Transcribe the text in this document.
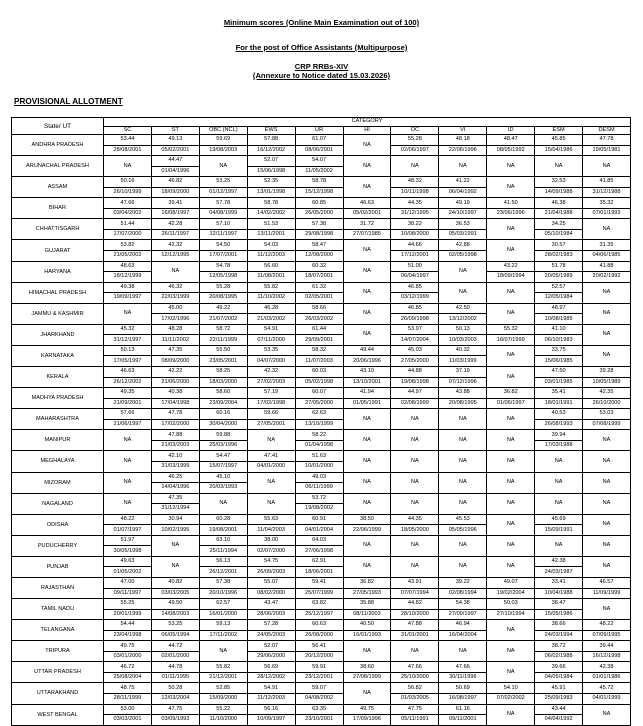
Minimum scores (Online Main Examination out of 100)
For the post of Office Assistants (Multipurpose)
CRP RRBs-XIV
(Annexure to Notice dated 15.03.2026)
PROVISIONAL ALLOTMENT
State/ UT	CATEGORY										
	SC	ST	OBC (NCL)	EWS	UR	HI	OC	VI	ID	ESM	DESM
ANDHRA PRADESH	53.44	49.13	59.69	57.88	61.07	NA	55.28	48.18	48.47	45.85	47.78
	28/08/2001	05/02/2001	19/08/2003	16/12/2002	08/06/2001		02/06/1997	22/06/1996	08/05/1992	15/04/1986	19/05/1981
ARUNACHAL PRADESH	NA	44.47	NA	52.07	54.07	NA	NA	NA	NA	NA	NA
		01/04/1996		15/06/1998	11/05/2002						
ASSAM	50.16	46.82	53.25	52.35	58.78	NA	48.32	41.22	NA	32.53	41.85
	26/10/1999	18/09/2000	01/12/1997	13/01/1998	15/12/1998		10/11/1998	06/04/1992		14/09/1988	31/12/1988
BIHAR	47.66	39.41	57.78	58.78	60.85	46.63	44.35	49.19	41.50	46.38	35.32
	03/04/2002	16/08/1997	04/08/1999	14/02/2002	26/05/2000	05/02/2001	31/12/1995	24/10/1997	23/06/1996	21/04/1988	07/01/1993
CHHATTISGARH	51.44	42.28	57.10	51.53	57.38	31.72	38.22	36.53	NA	34.25	NA
	17/07/2000	26/11/1997	12/11/1997	13/11/2001	29/08/1998	27/07/1985	10/08/2000	05/03/1991		05/10/1984	
GUJARAT	53.82	42.32	54.50	54.03	58.47	NA	44.66	42.88	NA	30.57	31.35
	21/05/2002	12/12/1995	17/07/2001	11/12/2003	12/08/2000		17/12/2001	02/05/1998		28/02/1983	04/06/1985
HARYANA	48.63	NA	54.78	56.60	60.32	NA	51.00	NA	43.22	51.78	41.88
	18/12/1999		12/05/1998	11/08/2001	18/07/2001		06/04/1997		18/09/1994	20/05/1989	20/02/1992
HIMACHAL PRADESH	49.38	46.32	55.28	55.82	61.32	NA	46.85	NA	NA	52.57	NA
	19/09/1997	22/03/1999	20/08/1995	11/10/2002	02/05/2001		03/12/1999			12/05/1984	
JAMMU & KASHMIR	NA	45.00	49.22	46.28	58.66	NA	46.85	42.50	NA	48.97	NA
		17/02/1996	21/07/2002	21/03/2002	26/03/2002		26/09/1998	13/12/2002		10/08/1985	
JHARKHAND	45.32	48.28	58.72	54.91	61.44	NA	53.97	50.13	55.32	41.10	NA
	31/12/1997	11/11/2002	22/11/1999	07/11/2000	29/09/2001		14/07/2004	10/03/2003	16/07/1999	06/10/1983	
KARNATAKA	50.13	47.35	55.50	53.35	58.32	49.44	45.03	40.32	NA	33.75	NA
	17/05/1997	08/09/2000	23/05/2001	04/07/2000	11/07/2003	20/06/1996	27/05/2000	11/03/1999		15/06/1985	
KERALA	46.63	42.22	58.25	42.32	60.03	43.10	44.88	37.19	NA	47.50	39.28
	26/12/2002	21/06/2000	18/03/2000	27/02/2003	05/02/1998	13/10/2001	19/08/1998	07/12/1996		03/01/1985	10/05/1989
MADHYA PRADESH	49.35	40.38	58.60	57.19	60.07	41.94	44.97	43.88	36.82	35.41	42.35
	21/09/2001	17/04/1998	23/09/2004	17/02/1998	27/05/2000	01/05/1991	02/08/1999	20/08/1995	01/06/1997	18/01/1991	26/10/2000
MAHARASHTRA	57.66	47.78	60.16	59.66	62.63	NA	NA	NA	NA	40.53	53.03
	21/06/1997	17/02/2000	30/04/2000	27/05/2001	13/10/1999					26/08/1993	07/08/1999
MANIPUR	NA	47.88	59.88	NA	58.22	NA	NA	NA	NA	39.94	NA
		21/03/2003	25/03/1996		01/04/1998					17/03/1988	
MEGHALAYA	NA	42.10	54.47	47.41	51.63	NA	NA	NA	NA	NA	NA
		31/03/1999	15/07/1997	04/01/2000	10/01/2000						
MIZORAM	NA	46.25	45.10	NA	49.03	NA	NA	NA	NA	NA	NA
		14/04/1996	20/03/1993		06/11/1999						
NAGALAND	NA	47.35	NA	NA	53.72	NA	NA	NA	NA	NA	NA
		31/12/1994			19/08/2002						
ODISHA	48.22	30.94	60.28	55.63	60.91	38.50	44.35	45.53	NA	45.69	NA
	01/07/1997	10/02/1995	19/08/2001	11/04/2003	04/01/2004	22/06/1999	18/05/2000	05/05/1996		15/09/1991	
PUDUCHERRY	51.97	NA	63.10	38.00	64.03	NA	NA	NA	NA	NA	NA
	30/05/1998		25/11/1994	02/07/2000	27/06/1998						
PUNJAB	49.63	NA	56.13	54.75	62.91	NA	NA	NA	NA	42.38	NA
	01/05/2002		26/12/2001	26/09/2003	18/06/2001					24/03/1987	
RAJASTHAN	47.00	40.82	57.38	55.07	59.41	36.82	43.91	39.22	49.07	33.41	46.57
	09/11/1997	03/03/2005	20/10/1996	08/02/2000	25/07/1999	27/05/1993	07/07/1994	02/08/1994	19/02/2004	10/04/1988	11/09/1999
TAMIL NADU	55.25	49.50	62.57	43.47	63.82	35.88	44.82	54.38	50.03	38.47	NA
	20/01/1999	14/08/2003	16/01/2000	28/06/2003	25/12/1997	08/11/2003	28/10/2000	27/09/1997	27/10/1994	15/05/1986	
TELANGANA	54.44	53.25	59.13	57.28	60.63	40.50	47.88	46.94	NA	38.66	48.22
	23/04/1998	06/05/1994	17/11/2002	24/05/2003	26/08/2000	16/01/1993	31/01/2001	16/04/2004		24/03/1994	07/09/1995
TRIPURA	49.75	44.72	NA	52.07	56.41	NA	NA	NA	NA	38.72	39.44
	03/01/2000	02/01/2000		29/06/2000	20/12/2000					06/02/1988	16/12/1998
UTTAR PRADESH	46.72	44.78	55.82	56.69	59.91	38.60	47.66	47.66	NA	39.66	42.38
	25/08/2004	01/11/1995	21/12/2001	28/12/2002	23/12/2001	27/08/1999	25/10/2000	30/11/1996		04/05/1984	01/01/1986
UTTARAKHAND	48.75	50.28	52.85	54.91	59.07	NA	56.82	50.69	54.10	45.91	45.72
	28/11/1999	12/03/2004	15/09/2000	11/12/2003	04/08/2002		01/03/2005	16/08/1997	07/02/2002	25/09/1983	04/01/1999
WEST BENGAL	53.00	47.75	55.22	56.16	63.35	49.75	47.75	61.16	NA	43.44	NA
	03/03/2001	03/09/1993	11/10/2000	10/09/1997	23/10/2001	17/09/1996	05/11/1991	09/11/2001		04/04/1992	
